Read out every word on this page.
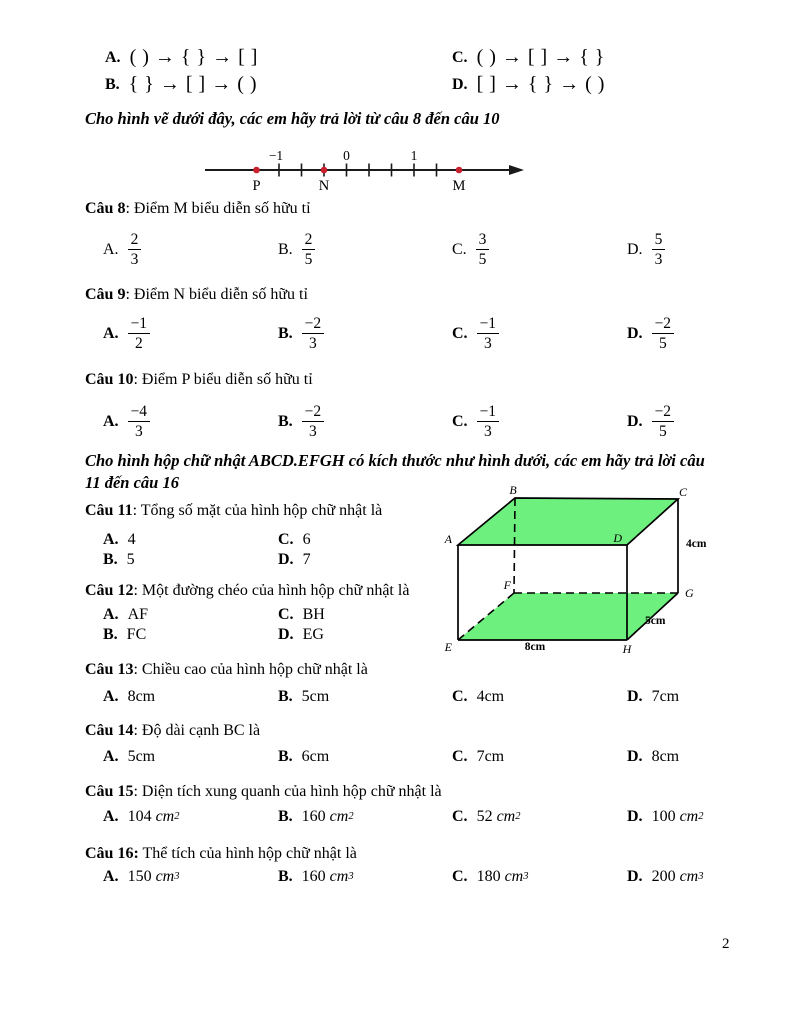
A. ( ) → { } → [ ]
B. { } → [ ] → ( )
C. ( ) → [ ] → { }
D. [ ] → { } → ( )
Cho hình vẽ dưới đây, các em hãy trả lời từ câu 8 đến câu 10
−1	0	1
P	N	M
Câu 8: Điểm M biểu diễn số hữu tỉ
A. $\frac{2}{3}$	B. $\frac{2}{5}$	C. $\frac{3}{5}$	D. $\frac{5}{3}$
Câu 9: Điểm N biểu diễn số hữu tỉ
A. $\frac{-1}{2}$	B. $\frac{-2}{3}$	C. $\frac{-1}{3}$	D. $\frac{-2}{5}$
Câu 10: Điểm P biểu diễn số hữu tỉ
A. $\frac{-4}{3}$	B. $\frac{-2}{3}$	C. $\frac{-1}{3}$	D. $\frac{-2}{5}$
Cho hình hộp chữ nhật ABCD.EFGH có kích thước như hình dưới, các em hãy trả lời câu
11 đến câu 16
A
B	C
D
E
F
G
H
4cm
5cm
8cm
Câu 11: Tổng số mặt của hình hộp chữ nhật là
A. 4	C. 6
B. 5	D. 7
Câu 12: Một đường chéo của hình hộp chữ nhật là
A. AF	C. BH
B. FC	D. EG
Câu 13: Chiều cao của hình hộp chữ nhật là
A. 8cm	B. 5cm	C. 4cm	D. 7cm
Câu 14: Độ dài cạnh BC là
A. 5cm	B. 6cm	C. 7cm	D. 8cm
Câu 15: Diện tích xung quanh của hình hộp chữ nhật là
A. 104 cm 2	B. 160 cm 2	C. 52 cm 2	D. 100 cm 2
Câu 16: Thể tích của hình hộp chữ nhật là
A. 150 cm 3	B. 160 cm 3	C. 180 cm 3	D. 200 cm 3
2
